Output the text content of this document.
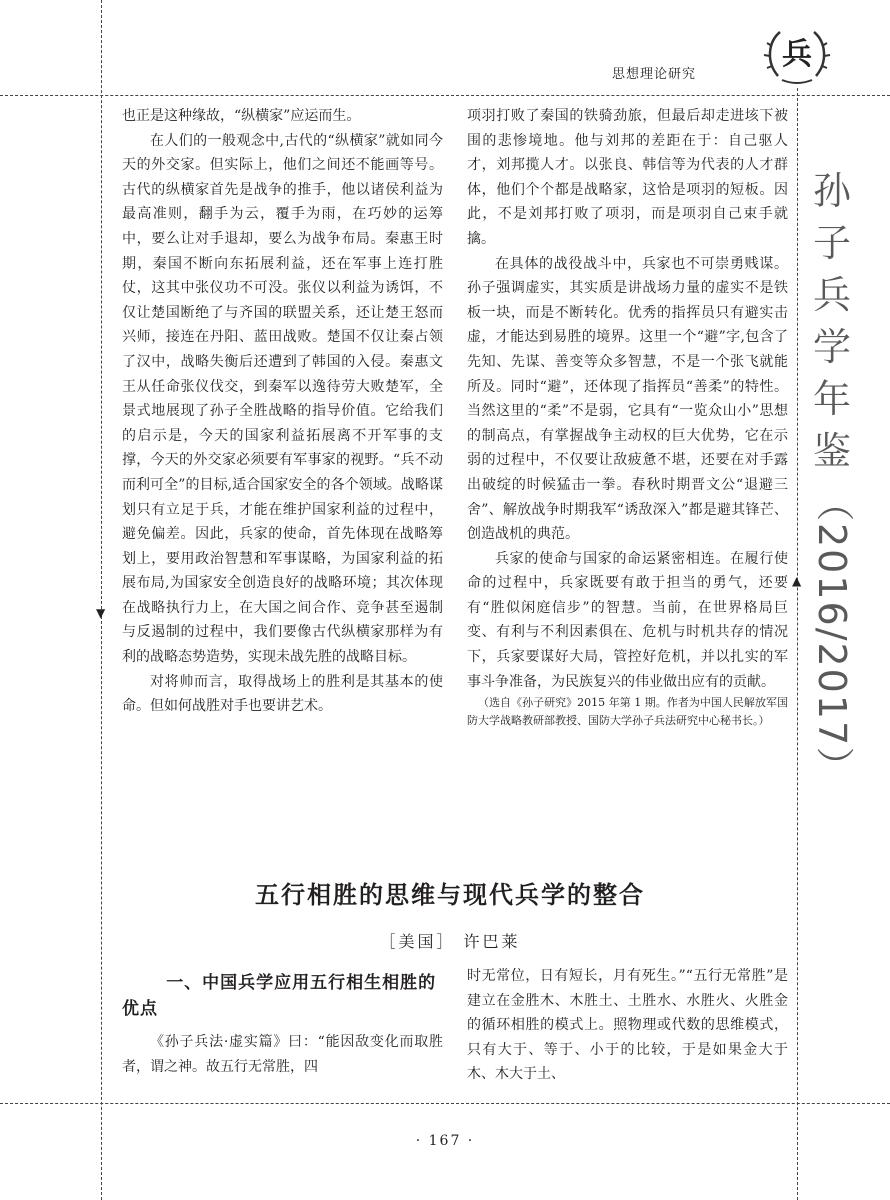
▼
▲
思想理论研究
兵
孙
子
兵
学
年
鉴
（2016/2017）

也正是这种缘故，“纵横家”应运而生。

在人们的一般观念中,古代的“纵横家”就如同今天的外交家。但实际上，他们之间还不能画等号。古代的纵横家首先是战争的推手，他以诸侯利益为最高准则，翻手为云，覆手为雨，在巧妙的运筹中，要么让对手退却，要么为战争布局。秦惠王时期，秦国不断向东拓展利益，还在军事上连打胜仗，这其中张仪功不可没。张仪以利益为诱饵，不仅让楚国断绝了与齐国的联盟关系，还让楚王怒而兴师，接连在丹阳、蓝田战败。楚国不仅让秦占领了汉中，战略失衡后还遭到了韩国的入侵。秦惠文王从任命张仪伐交，到秦军以逸待劳大败楚军，全景式地展现了孙子全胜战略的指导价值。它给我们的启示是，今天的国家利益拓展离不开军事的支撑，今天的外交家必须要有军事家的视野。“兵不动而利可全”的目标,适合国家安全的各个领域。战略谋划只有立足于兵，才能在维护国家利益的过程中，避免偏差。因此，兵家的使命，首先体现在战略筹划上，要用政治智慧和军事谋略，为国家利益的拓展布局,为国家安全创造良好的战略环境；其次体现在战略执行力上，在大国之间合作、竞争甚至遏制与反遏制的过程中，我们要像古代纵横家那样为有利的战略态势造势，实现未战先胜的战略目标。

对将帅而言，取得战场上的胜利是其基本的使命。但如何战胜对手也要讲艺术。

项羽打败了秦国的铁骑劲旅，但最后却走进垓下被围的悲惨境地。他与刘邦的差距在于：自己驱人才，刘邦揽人才。以张良、韩信等为代表的人才群体，他们个个都是战略家，这恰是项羽的短板。因此，不是刘邦打败了项羽，而是项羽自己束手就擒。

在具体的战役战斗中，兵家也不可崇勇贱谋。孙子强调虚实，其实质是讲战场力量的虚实不是铁板一块，而是不断转化。优秀的指挥员只有避实击虚，才能达到易胜的境界。这里一个“避”字,包含了先知、先谋、善变等众多智慧，不是一个张飞就能所及。同时“避”，还体现了指挥员“善柔”的特性。当然这里的“柔”不是弱，它具有“一览众山小”思想的制高点，有掌握战争主动权的巨大优势，它在示弱的过程中，不仅要让敌疲惫不堪，还要在对手露出破绽的时候猛击一拳。春秋时期晋文公“退避三舍”、解放战争时期我军“诱敌深入”都是避其锋芒、创造战机的典范。

兵家的使命与国家的命运紧密相连。在履行使命的过程中，兵家既要有敢于担当的勇气，还要有“胜似闲庭信步”的智慧。当前，在世界格局巨变、有利与不利因素俱在、危机与时机共存的情况下，兵家要谋好大局，管控好危机，并以扎实的军事斗争准备，为民族复兴的伟业做出应有的贡献。

（选自《孙子研究》2015 年第 1 期。作者为中国人民解放军国防大学战略教研部教授、国防大学孙子兵法研究中心秘书长。）

五行相胜的思维与现代兵学的整合
［美国］ 许巴莱
一、中国兵学应用五行相生相胜的优点

《孙子兵法·虚实篇》曰：“能因敌变化而取胜者，谓之神。故五行无常胜，四

时无常位，日有短长，月有死生。”“五行无常胜”是建立在金胜木、木胜土、土胜水、水胜火、火胜金的循环相胜的模式上。照物理或代数的思维模式，只有大于、等于、小于的比较，于是如果金大于木、木大于土、

· 167 ·
